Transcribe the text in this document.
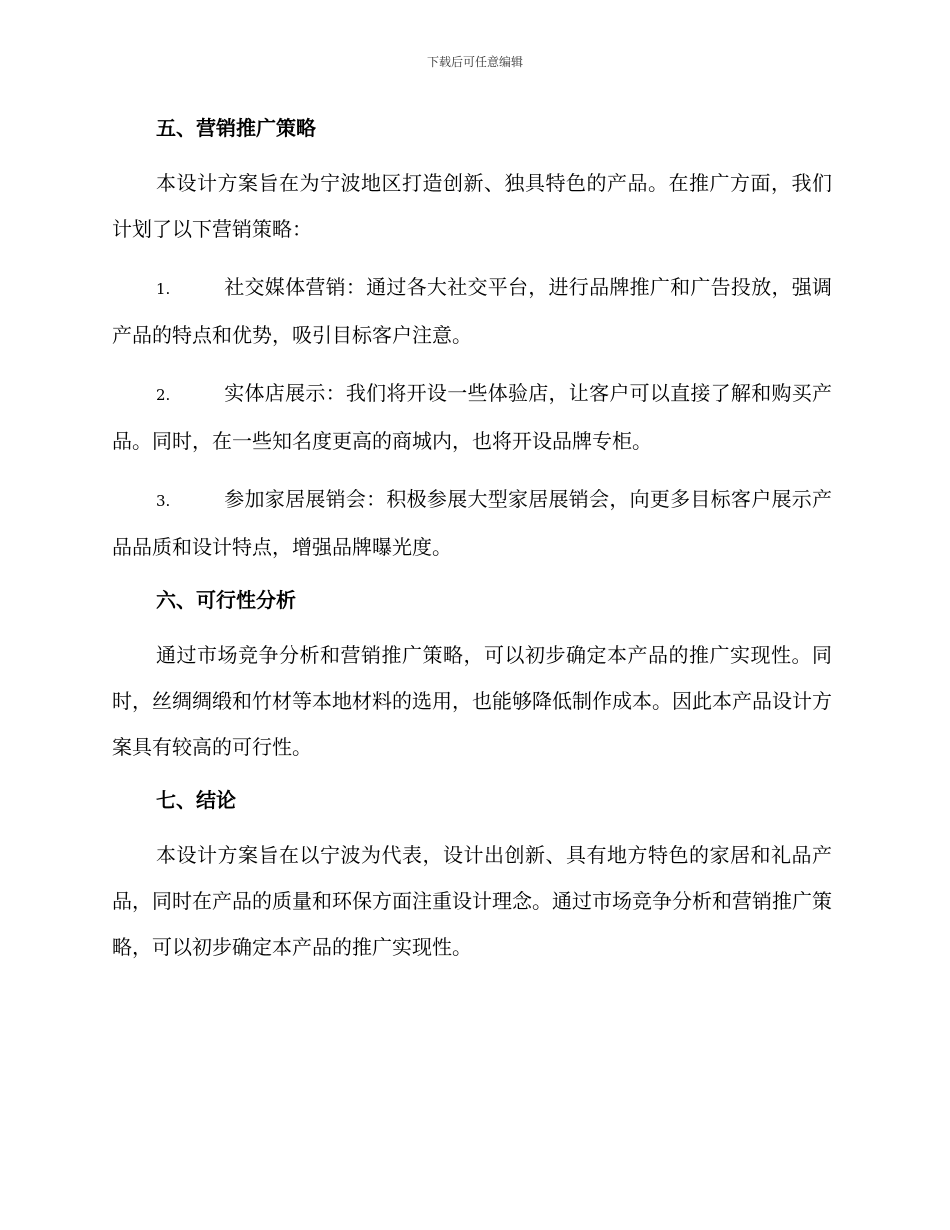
下载后可任意编辑
五、营销推广策略

本设计方案旨在为宁波地区打造创新、独具特色的产品。在推广方面，我们计划了以下营销策略：

1.	社交媒体营销：通过各大社交平台，进行品牌推广和广告投放，强调产品的特点和优势，吸引目标客户注意。

2.	实体店展示：我们将开设一些体验店，让客户可以直接了解和购买产品。同时，在一些知名度更高的商城内，也将开设品牌专柜。

3.	参加家居展销会：积极参展大型家居展销会，向更多目标客户展示产品品质和设计特点，增强品牌曝光度。

六、可行性分析

通过市场竞争分析和营销推广策略，可以初步确定本产品的推广实现性。同时，丝绸绸缎和竹材等本地材料的选用，也能够降低制作成本。因此本产品设计方案具有较高的可行性。

七、结论

本设计方案旨在以宁波为代表，设计出创新、具有地方特色的家居和礼品产品，同时在产品的质量和环保方面注重设计理念。通过市场竞争分析和营销推广策略，可以初步确定本产品的推广实现性。
